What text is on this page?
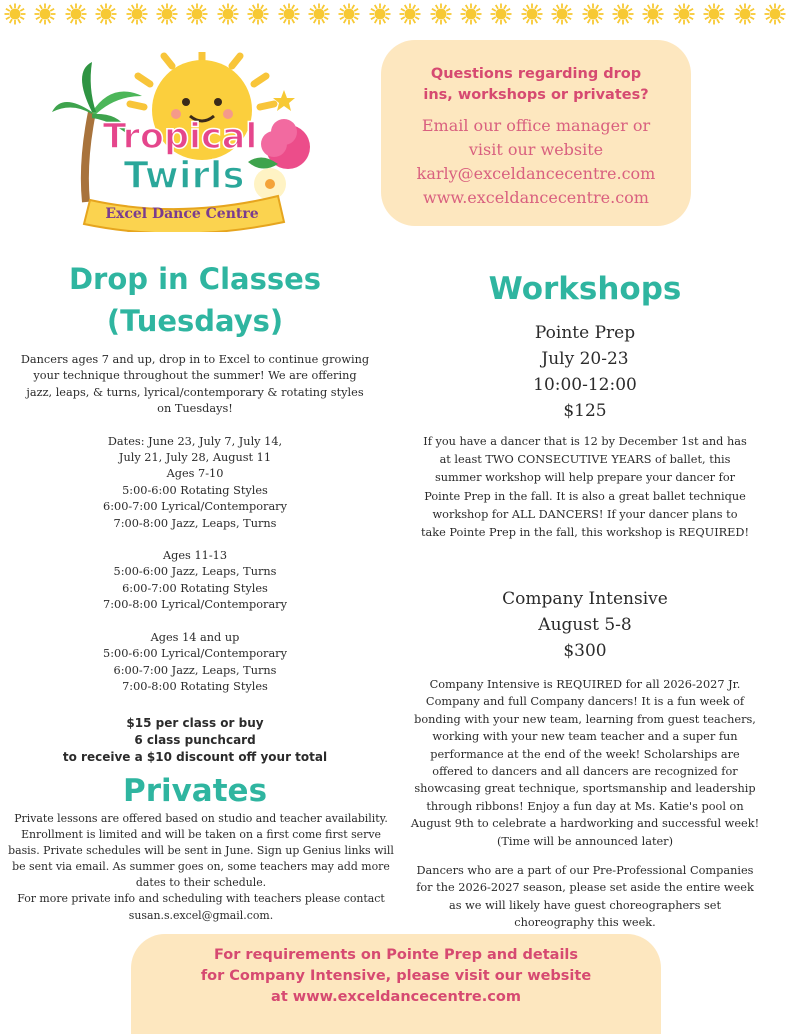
Tropical
Twirls
Excel Dance Centre
Questions regarding drop
ins, workshops or privates?
Email our office manager or
visit our website
karly@exceldancecentre.com
www.exceldancecentre.com
Drop in Classes
(Tuesdays)
Dancers ages 7 and up, drop in to Excel to continue growing
your technique throughout the summer! We are offering
jazz, leaps, & turns, lyrical/contemporary & rotating styles
on Tuesdays!
Dates: June 23, July 7, July 14,
July 21, July 28, August 11
Ages 7-10
5:00-6:00 Rotating Styles
6:00-7:00 Lyrical/Contemporary
7:00-8:00 Jazz, Leaps, Turns
Ages 11-13
5:00-6:00 Jazz, Leaps, Turns
6:00-7:00 Rotating Styles
7:00-8:00 Lyrical/Contemporary
Ages 14 and up
5:00-6:00 Lyrical/Contemporary
6:00-7:00 Jazz, Leaps, Turns
7:00-8:00 Rotating Styles
$15 per class or buy
6 class punchcard
to receive a $10 discount off your total
Privates
Private lessons are offered based on studio and teacher availability.
Enrollment is limited and will be taken on a first come first serve
basis. Private schedules will be sent in June. Sign up Genius links will
be sent via email. As summer goes on, some teachers may add more
dates to their schedule.
For more private info and scheduling with teachers please contact
susan.s.excel@gmail.com.
Workshops
Pointe Prep
July 20-23
10:00-12:00
$125
If you have a dancer that is 12 by December 1st and has
at least TWO CONSECUTIVE YEARS of ballet, this
summer workshop will help prepare your dancer for
Pointe Prep in the fall. It is also a great ballet technique
workshop for ALL DANCERS! If your dancer plans to
take Pointe Prep in the fall, this workshop is REQUIRED!
Company Intensive
August 5-8
$300
Company Intensive is REQUIRED for all 2026-2027 Jr.
Company and full Company dancers! It is a fun week of
bonding with your new team, learning from guest teachers,
working with your new team teacher and a super fun
performance at the end of the week! Scholarships are
offered to dancers and all dancers are recognized for
showcasing great technique, sportsmanship and leadership
through ribbons! Enjoy a fun day at Ms. Katie's pool on
August 9th to celebrate a hardworking and successful week!
(Time will be announced later)
Dancers who are a part of our Pre-Professional Companies
for the 2026-2027 season, please set aside the entire week
as we will likely have guest choreographers set
choreography this week.
For requirements on Pointe Prep and details
for Company Intensive, please visit our website
at www.exceldancecentre.com
